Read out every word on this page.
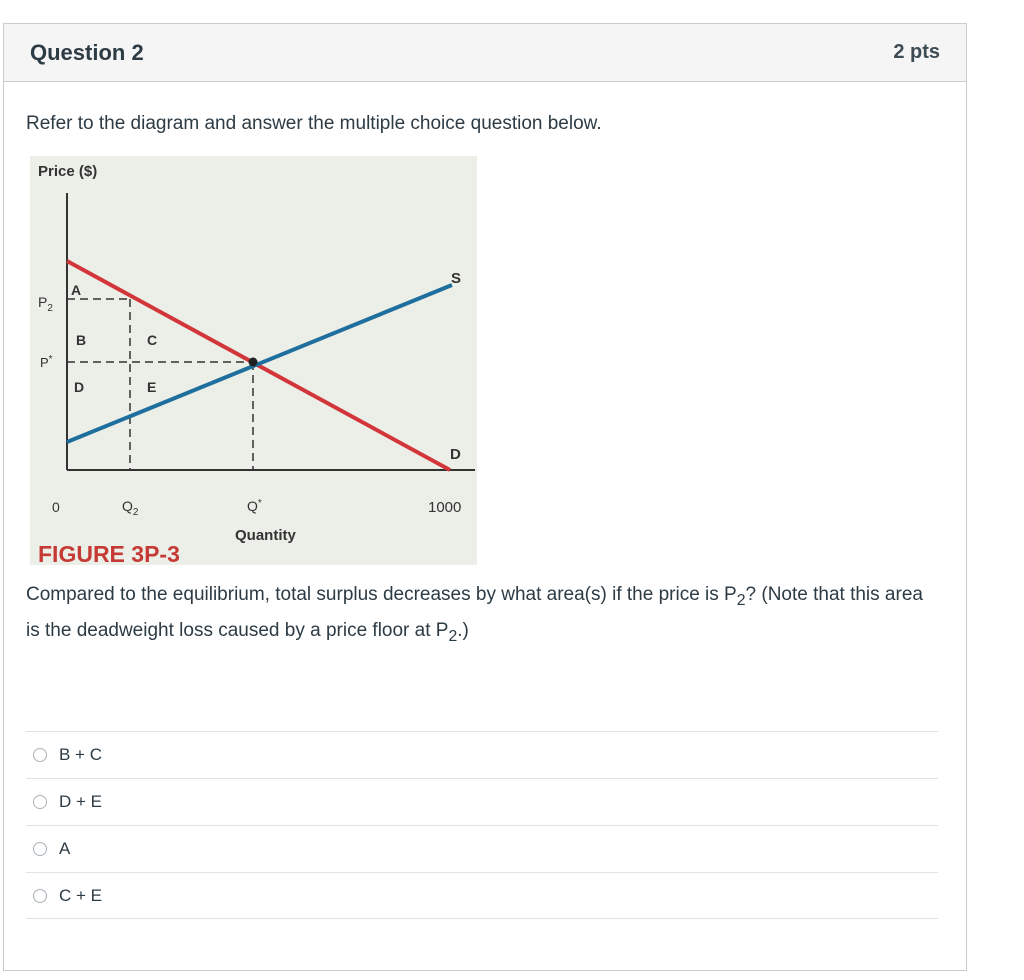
Question 2	2 pts
Refer to the diagram and answer the multiple choice question below.
Price ($)
S
D
A
B	C
D	E
$P_2$
P*
0	$Q_2$	Q*	1000
Quantity
FIGURE 3P-3
Compared to the equilibrium, total surplus decreases by what area(s) if the price is $P_2$? (Note that this area is the deadweight loss caused by a price floor at $P_2$.)
B + C
D + E
A
C + E
